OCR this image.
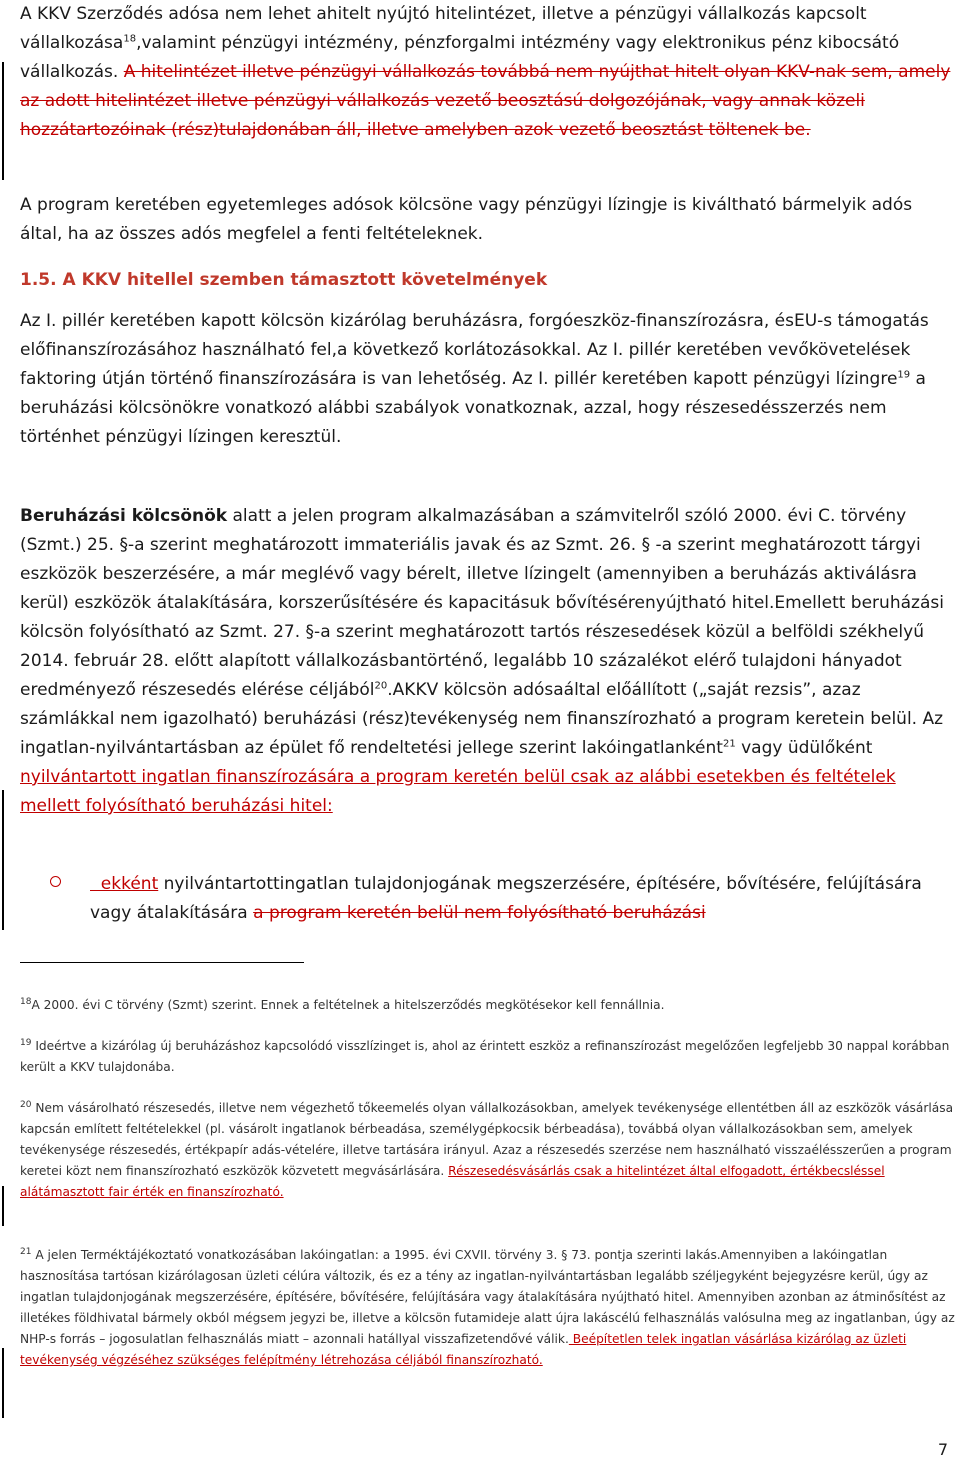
A KKV Szerződés adósa nem lehet ahitelt nyújtó hitelintézet, illetve a pénzügyi vállalkozás kapcsolt vállalkozása$^{18}$,valamint pénzügyi intézmény, pénzforgalmi intézmény vagy elektronikus pénz kibocsátó vállalkozás. A hitelintézet illetve pénzügyi vállalkozás továbbá nem nyújthat hitelt olyan KKV-nak sem, amely az adott hitelintézet illetve pénzügyi vállalkozás vezető beosztású dolgozójának, vagy annak közeli hozzátartozóinak (rész)tulajdonában áll, illetve amelyben azok vezető beosztást töltenek be.

A program keretében egyetemleges adósok kölcsöne vagy pénzügyi lízingje is kiváltható bármelyik adós által, ha az összes adós megfelel a fenti feltételeknek.

1.5. A KKV hitellel szemben támasztott követelmények

Az I. pillér keretében kapott kölcsön kizárólag beruházásra, forgóeszköz-finanszírozásra, ésEU-s támogatás előfinanszírozásához használható fel,a következő korlátozásokkal. Az I. pillér keretében vevőkövetelések faktoring útján történő finanszírozására is van lehetőség. Az I. pillér keretében kapott pénzügyi lízingre$^{19}$ a beruházási kölcsönökre vonatkozó alábbi szabályok vonatkoznak, azzal, hogy részesedésszerzés nem történhet pénzügyi lízingen keresztül.

Beruházási kölcsönök alatt a jelen program alkalmazásában a számvitelről szóló 2000. évi C. törvény (Szmt.) 25. §-a szerint meghatározott immateriális javak és az Szmt. 26. § -a szerint meghatározott tárgyi eszközök beszerzésére, a már meglévő vagy bérelt, illetve lízingelt (amennyiben a beruházás aktiválásra kerül) eszközök átalakítására, korszerűsítésére és kapacitásuk bővítésérenyújtható hitel.Emellett beruházási kölcsön folyósítható az Szmt. 27. §-a szerint meghatározott tartós részesedések közül a belföldi székhelyű 2014. február 28. előtt alapított vállalkozásbantörténő, legalább 10 százalékot elérő tulajdoni hányadot eredményező részesedés elérése céljából$^{20}$.AKKV kölcsön adósaáltal előállított („saját rezsis”, azaz számlákkal nem igazolható) beruházási (rész)tevékenység nem finanszírozható a program keretein belül. Az ingatlan-nyilvántartásban az épület fő rendeltetési jellege szerint lakóingatlanként$^{21}$ vagy üdülőként nyilvántartott ingatlan finanszírozására a program keretén belül csak az alábbi esetekben és feltételek mellett folyósítható beruházási hitel:

ekként nyilvántartottingatlan tulajdonjogának megszerzésére, építésére, bővítésére, felújítására vagy átalakítására a program keretén belül nem folyósítható beruházási

$^{18}$A 2000. évi C törvény (Szmt) szerint. Ennek a feltételnek a hitelszerződés megkötésekor kell fennállnia.

$^{19}$ Ideértve a kizárólag új beruházáshoz kapcsolódó visszlízinget is, ahol az érintett eszköz a refinanszírozást megelőzően legfeljebb 30 nappal korábban került a KKV tulajdonába.

$^{20}$ Nem vásárolható részesedés, illetve nem végezhető tőkeemelés olyan vállalkozásokban, amelyek tevékenysége ellentétben áll az eszközök vásárlása kapcsán említett feltételekkel (pl. vásárolt ingatlanok bérbeadása, személygépkocsik bérbeadása), továbbá olyan vállalkozásokban sem, amelyek tevékenysége részesedés, értékpapír adás-vételére, illetve tartására irányul. Azaz a részesedés szerzése nem használható visszaélésszerűen a program keretei közt nem finanszírozható eszközök közvetett megvásárlására. Részesedésvásárlás csak a hitelintézet által elfogadott, értékbecsléssel alátámasztott fair érték en finanszírozható.

$^{21}$ A jelen Terméktájékoztató vonatkozásában lakóingatlan: a 1995. évi CXVII. törvény 3. § 73. pontja szerinti lakás.Amennyiben a lakóingatlan hasznosítása tartósan kizárólagosan üzleti célúra változik, és ez a tény az ingatlan-nyilvántartásban legalább széljegyként bejegyzésre kerül, úgy az ingatlan tulajdonjogának megszerzésére, építésére, bővítésére, felújítására vagy átalakítására nyújtható hitel. Amennyiben azonban az átminősítést az illetékes földhivatal bármely okból mégsem jegyzi be, illetve a kölcsön futamideje alatt újra lakáscélú felhasználás valósulna meg az ingatlanban, úgy az NHP-s forrás – jogosulatlan felhasználás miatt – azonnali hatállyal visszafizetendővé válik. Beépítetlen telek ingatlan vásárlása kizárólag az üzleti tevékenység végzéséhez szükséges felépítmény létrehozása céljából finanszírozható.

7
